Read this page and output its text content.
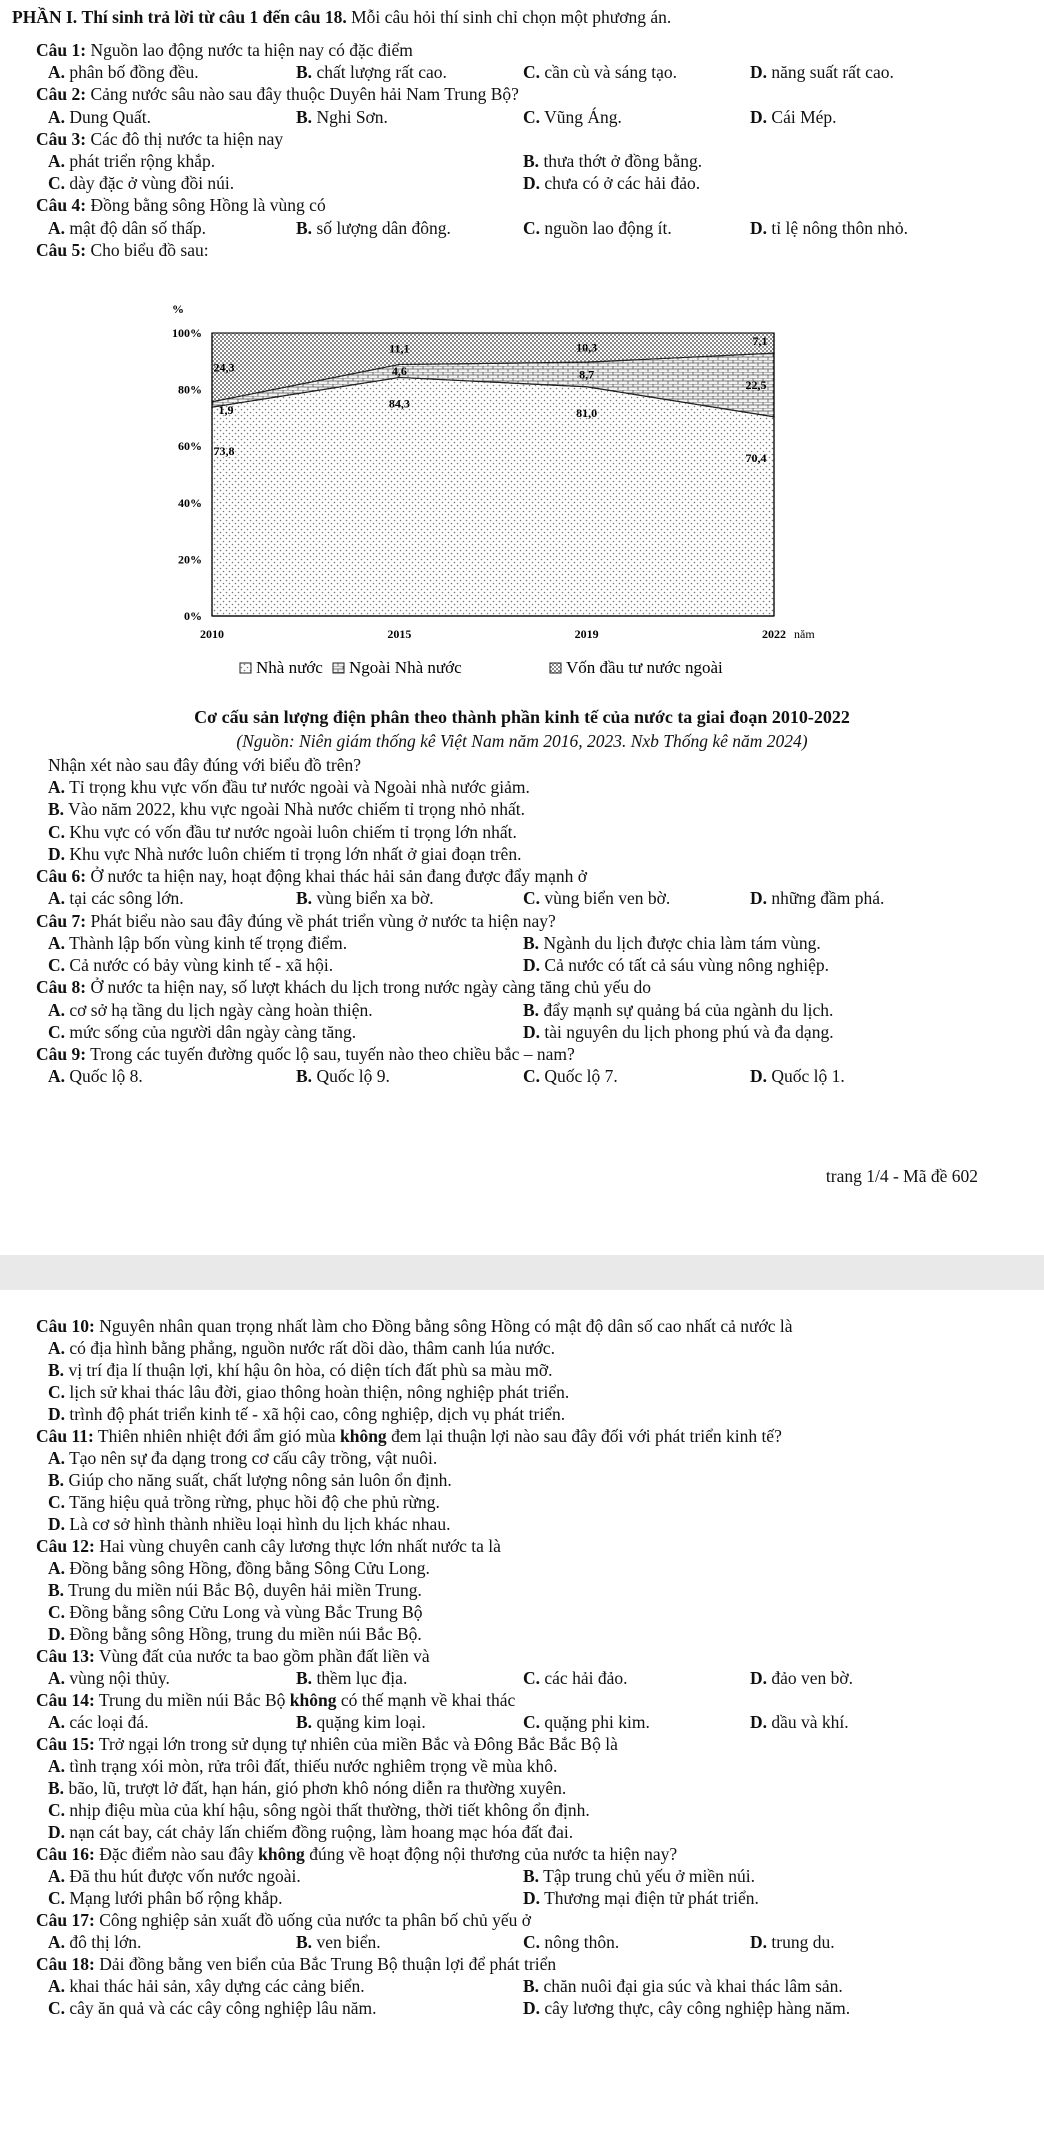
PHẦN I. Thí sinh trả lời từ câu 1 đến câu 18. Mỗi câu hỏi thí sinh chỉ chọn một phương án.
Câu 1: Nguồn lao động nước ta hiện nay có đặc điểm
A. phân bố đồng đều.	B. chất lượng rất cao.	C. cần cù và sáng tạo.	D. năng suất rất cao.
Câu 2: Cảng nước sâu nào sau đây thuộc Duyên hải Nam Trung Bộ?
A. Dung Quất.	B. Nghi Sơn.	C. Vũng Áng.	D. Cái Mép.
Câu 3: Các đô thị nước ta hiện nay
A. phát triển rộng khắp.	B. thưa thớt ở đồng bằng.
C. dày đặc ở vùng đồi núi.	D. chưa có ở các hải đảo.
Câu 4: Đồng bằng sông Hồng là vùng có
A. mật độ dân số thấp.	B. số lượng dân đông.	C. nguồn lao động ít.	D. tỉ lệ nông thôn nhỏ.
Câu 5: Cho biểu đồ sau:
0%
20%
40%
60%
80%
100%
%
2010	2015	2019	2022 năm
73,8
84,3
81,0
70,4
1,9
4,6	8,7
22,5
24,3
11,1	10,3	7,1
Nhà nước Ngoài Nhà nước	Vốn đầu tư nước ngoài
Cơ cấu sản lượng điện phân theo thành phần kinh tế của nước ta giai đoạn 2010-2022
(Nguồn: Niên giám thống kê Việt Nam năm 2016, 2023. Nxb Thống kê năm 2024)
Nhận xét nào sau đây đúng với biểu đồ trên?
A. Tỉ trọng khu vực vốn đầu tư nước ngoài và Ngoài nhà nước giảm.
B. Vào năm 2022, khu vực ngoài Nhà nước chiếm tỉ trọng nhỏ nhất.
C. Khu vực có vốn đầu tư nước ngoài luôn chiếm tỉ trọng lớn nhất.
D. Khu vực Nhà nước luôn chiếm tỉ trọng lớn nhất ở giai đoạn trên.
Câu 6: Ở nước ta hiện nay, hoạt động khai thác hải sản đang được đẩy mạnh ở
A. tại các sông lớn.	B. vùng biển xa bờ.	C. vùng biển ven bờ.	D. những đầm phá.
Câu 7: Phát biểu nào sau đây đúng về phát triển vùng ở nước ta hiện nay?
A. Thành lập bốn vùng kinh tế trọng điểm.	B. Ngành du lịch được chia làm tám vùng.
C. Cả nước có bảy vùng kinh tế - xã hội.	D. Cả nước có tất cả sáu vùng nông nghiệp.
Câu 8: Ở nước ta hiện nay, số lượt khách du lịch trong nước ngày càng tăng chủ yếu do
A. cơ sở hạ tầng du lịch ngày càng hoàn thiện.	B. đẩy mạnh sự quảng bá của ngành du lịch.
C. mức sống của người dân ngày càng tăng.	D. tài nguyên du lịch phong phú và đa dạng.
Câu 9: Trong các tuyến đường quốc lộ sau, tuyến nào theo chiều bắc – nam?
A. Quốc lộ 8.	B. Quốc lộ 9.	C. Quốc lộ 7.	D. Quốc lộ 1.
trang 1/4 - Mã đề 602
Câu 10: Nguyên nhân quan trọng nhất làm cho Đồng bằng sông Hồng có mật độ dân số cao nhất cả nước là
A. có địa hình bằng phẳng, nguồn nước rất dồi dào, thâm canh lúa nước.
B. vị trí địa lí thuận lợi, khí hậu ôn hòa, có diện tích đất phù sa màu mỡ.
C. lịch sử khai thác lâu đời, giao thông hoàn thiện, nông nghiệp phát triển.
D. trình độ phát triển kinh tế - xã hội cao, công nghiệp, dịch vụ phát triển.
Câu 11: Thiên nhiên nhiệt đới ẩm gió mùa không đem lại thuận lợi nào sau đây đối với phát triển kinh tế?
A. Tạo nên sự đa dạng trong cơ cấu cây trồng, vật nuôi.
B. Giúp cho năng suất, chất lượng nông sản luôn ổn định.
C. Tăng hiệu quả trồng rừng, phục hồi độ che phủ rừng.
D. Là cơ sở hình thành nhiều loại hình du lịch khác nhau.
Câu 12: Hai vùng chuyên canh cây lương thực lớn nhất nước ta là
A. Đồng bằng sông Hồng, đồng bằng Sông Cửu Long.
B. Trung du miền núi Bắc Bộ, duyên hải miền Trung.
C. Đồng bằng sông Cửu Long và vùng Bắc Trung Bộ
D. Đồng bằng sông Hồng, trung du miền núi Bắc Bộ.
Câu 13: Vùng đất của nước ta bao gồm phần đất liền và
A. vùng nội thủy.	B. thềm lục địa.	C. các hải đảo.	D. đảo ven bờ.
Câu 14: Trung du miền núi Bắc Bộ không có thế mạnh về khai thác
A. các loại đá.	B. quặng kim loại.	C. quặng phi kim.	D. dầu và khí.
Câu 15: Trở ngại lớn trong sử dụng tự nhiên của miền Bắc và Đông Bắc Bắc Bộ là
A. tình trạng xói mòn, rửa trôi đất, thiếu nước nghiêm trọng về mùa khô.
B. bão, lũ, trượt lở đất, hạn hán, gió phơn khô nóng diễn ra thường xuyên.
C. nhịp điệu mùa của khí hậu, sông ngòi thất thường, thời tiết không ổn định.
D. nạn cát bay, cát chảy lấn chiếm đồng ruộng, làm hoang mạc hóa đất đai.
Câu 16: Đặc điểm nào sau đây không đúng về hoạt động nội thương của nước ta hiện nay?
A. Đã thu hút được vốn nước ngoài.	B. Tập trung chủ yếu ở miền núi.
C. Mạng lưới phân bố rộng khắp.	D. Thương mại điện tử phát triển.
Câu 17: Công nghiệp sản xuất đồ uống của nước ta phân bố chủ yếu ở
A. đô thị lớn.	B. ven biển.	C. nông thôn.	D. trung du.
Câu 18: Dải đồng bằng ven biển của Bắc Trung Bộ thuận lợi để phát triển
A. khai thác hải sản, xây dựng các cảng biển.	B. chăn nuôi đại gia súc và khai thác lâm sản.
C. cây ăn quả và các cây công nghiệp lâu năm.	D. cây lương thực, cây công nghiệp hàng năm.
